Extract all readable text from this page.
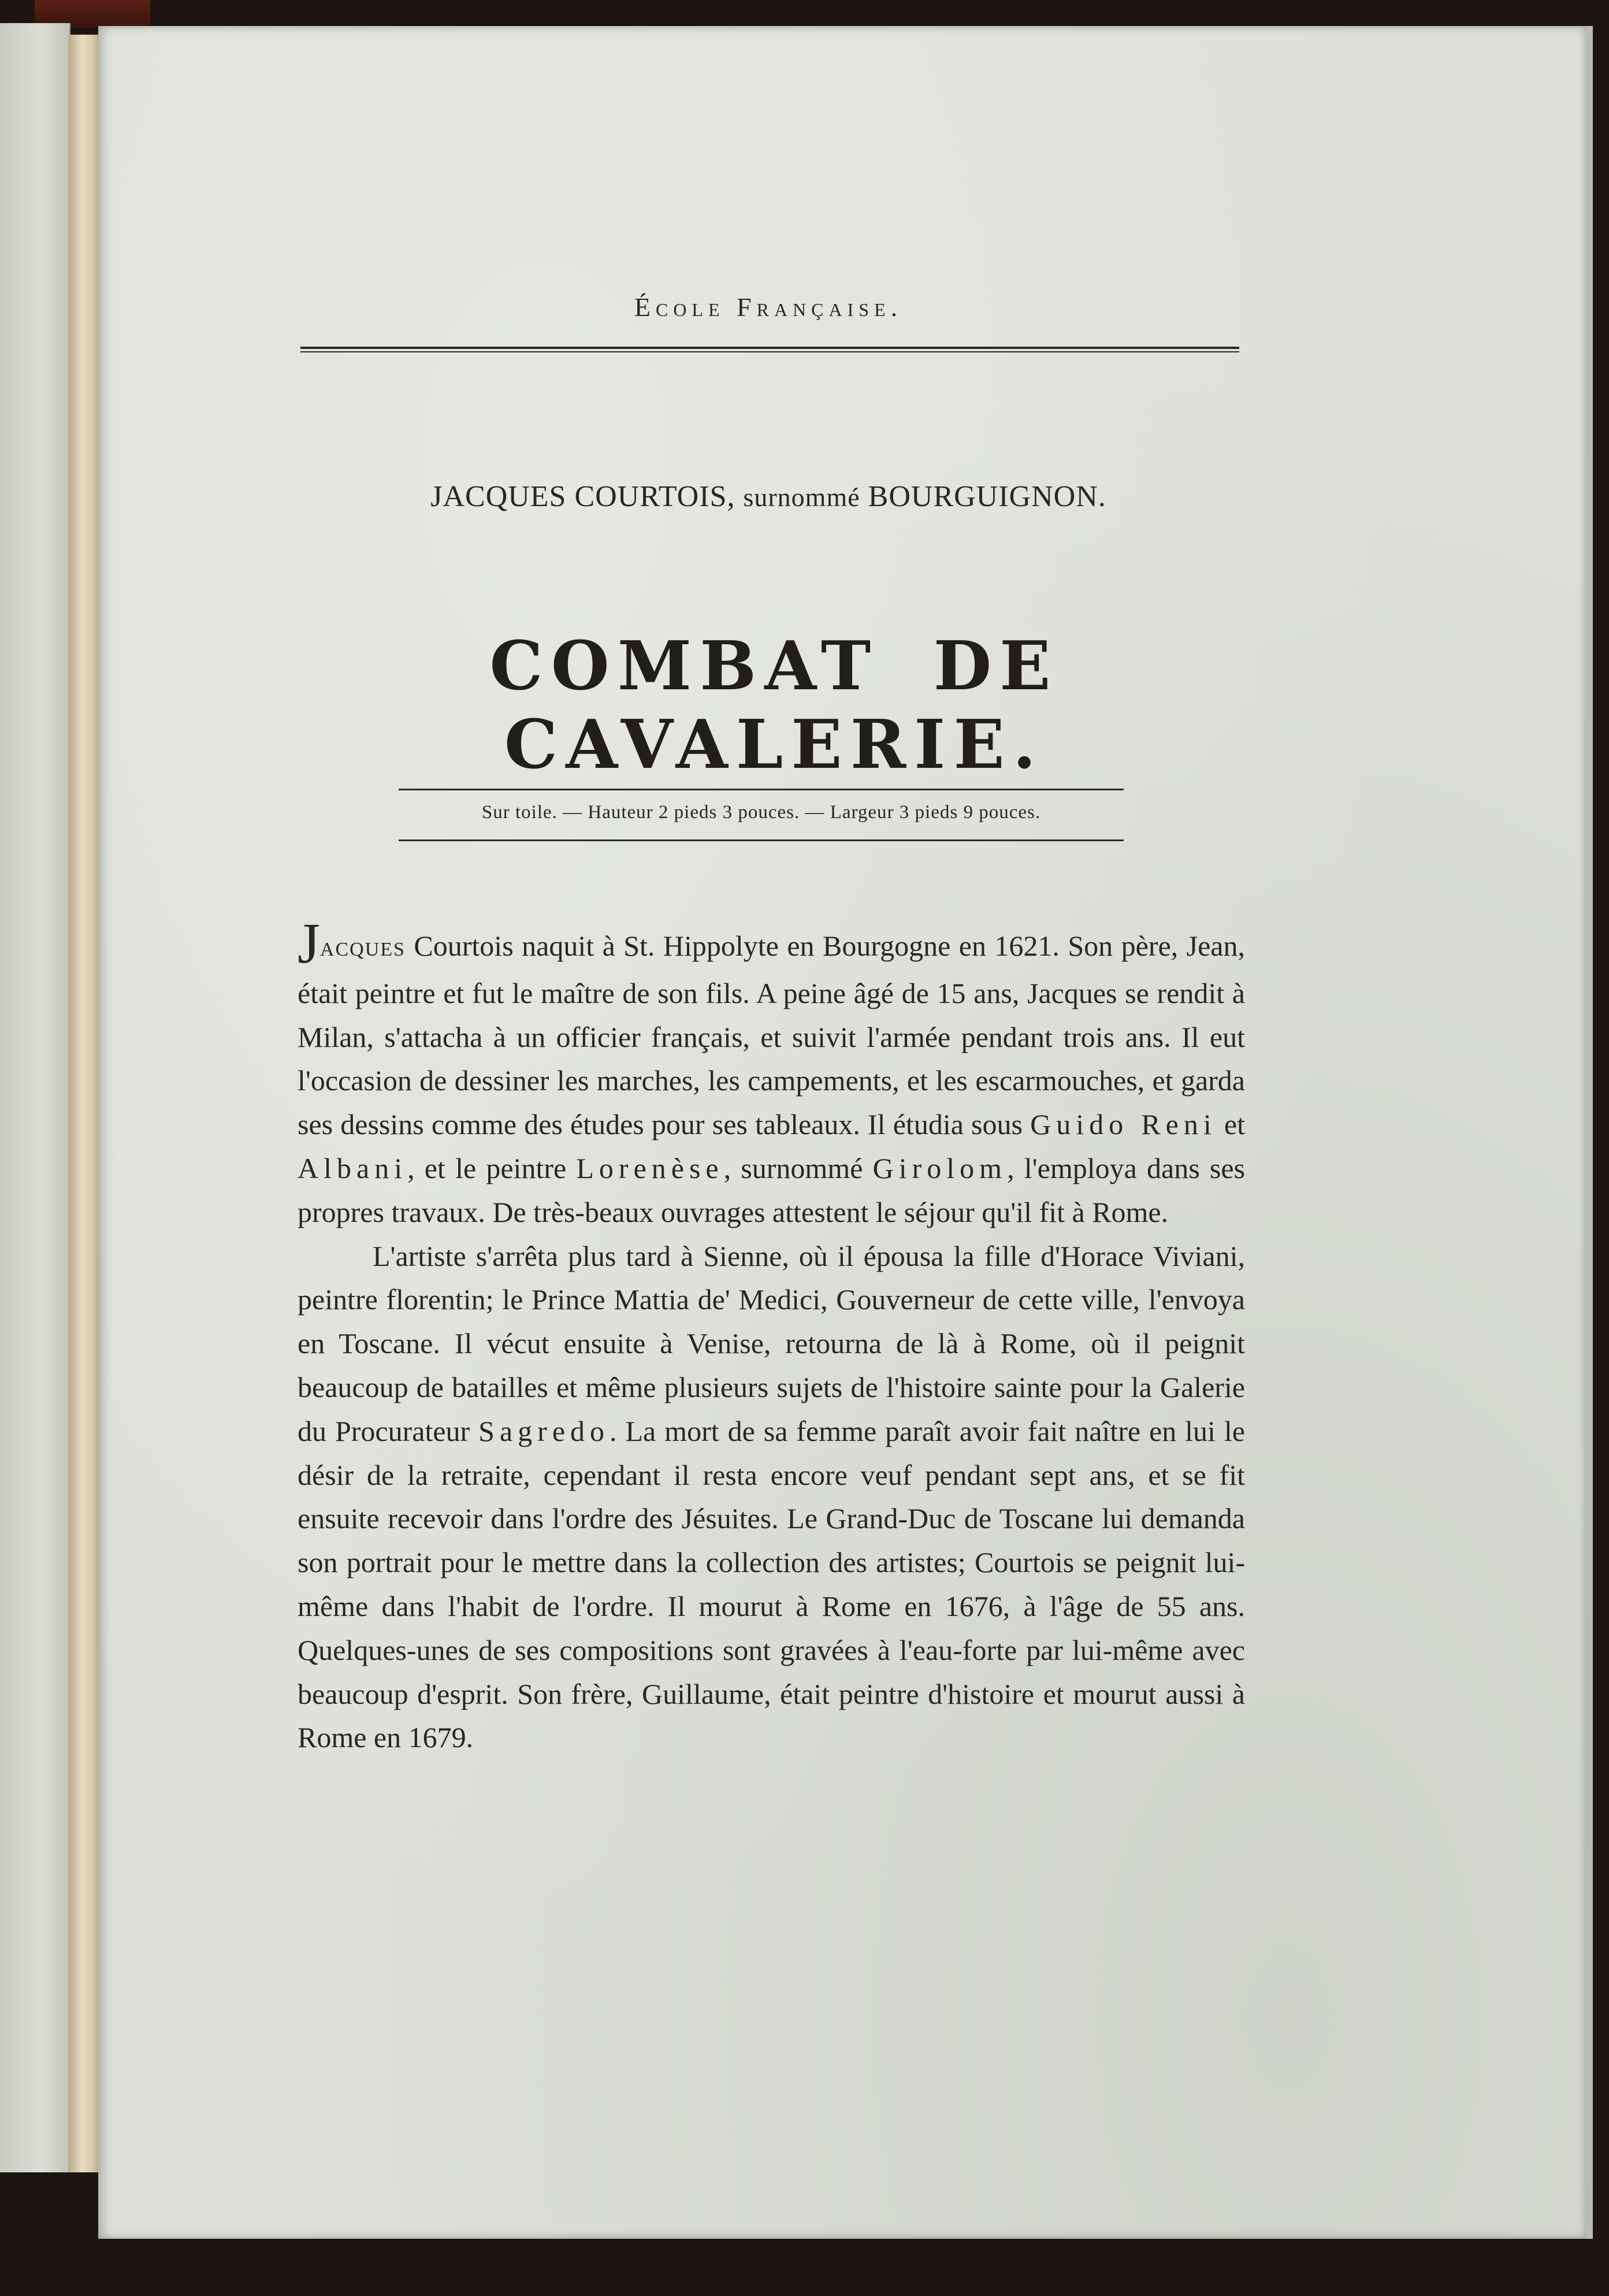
École Française.
JACQUES COURTOIS, surnommé BOURGUIGNON.
COMBAT DE CAVALERIE.
Sur toile. — Hauteur 2 pieds 3 pouces. — Largeur 3 pieds 9 pouces.

JACQUES Courtois naquit à St. Hippolyte en Bourgogne en 1621. Son père, Jean, était peintre et fut le maître de son fils. A peine âgé de 15 ans, Jacques se rendit à Milan, s'attacha à un officier français, et suivit l'armée pendant trois ans. Il eut l'occasion de dessiner les marches, les campements, et les escarmouches, et garda ses dessins comme des études pour ses tableaux. Il étudia sous Guido Reni et Albani, et le peintre Lorenèse, surnommé Girolom, l'employa dans ses propres travaux. De très-beaux ouvrages attestent le séjour qu'il fit à Rome.

L'artiste s'arrêta plus tard à Sienne, où il épousa la fille d'Horace Viviani, peintre florentin; le Prince Mattia de' Medici, Gouverneur de cette ville, l'envoya en Toscane. Il vécut ensuite à Venise, retourna de là à Rome, où il peignit beaucoup de batailles et même plusieurs sujets de l'histoire sainte pour la Galerie du Procurateur Sagredo. La mort de sa femme paraît avoir fait naître en lui le désir de la retraite, cependant il resta encore veuf pendant sept ans, et se fit ensuite recevoir dans l'ordre des Jésuites. Le Grand-Duc de Toscane lui demanda son portrait pour le mettre dans la collection des artistes; Courtois se peignit lui-même dans l'habit de l'ordre. Il mourut à Rome en 1676, à l'âge de 55 ans. Quelques-unes de ses compositions sont gravées à l'eau-forte par lui-même avec beaucoup d'esprit. Son frère, Guillaume, était peintre d'histoire et mourut aussi à Rome en 1679.
